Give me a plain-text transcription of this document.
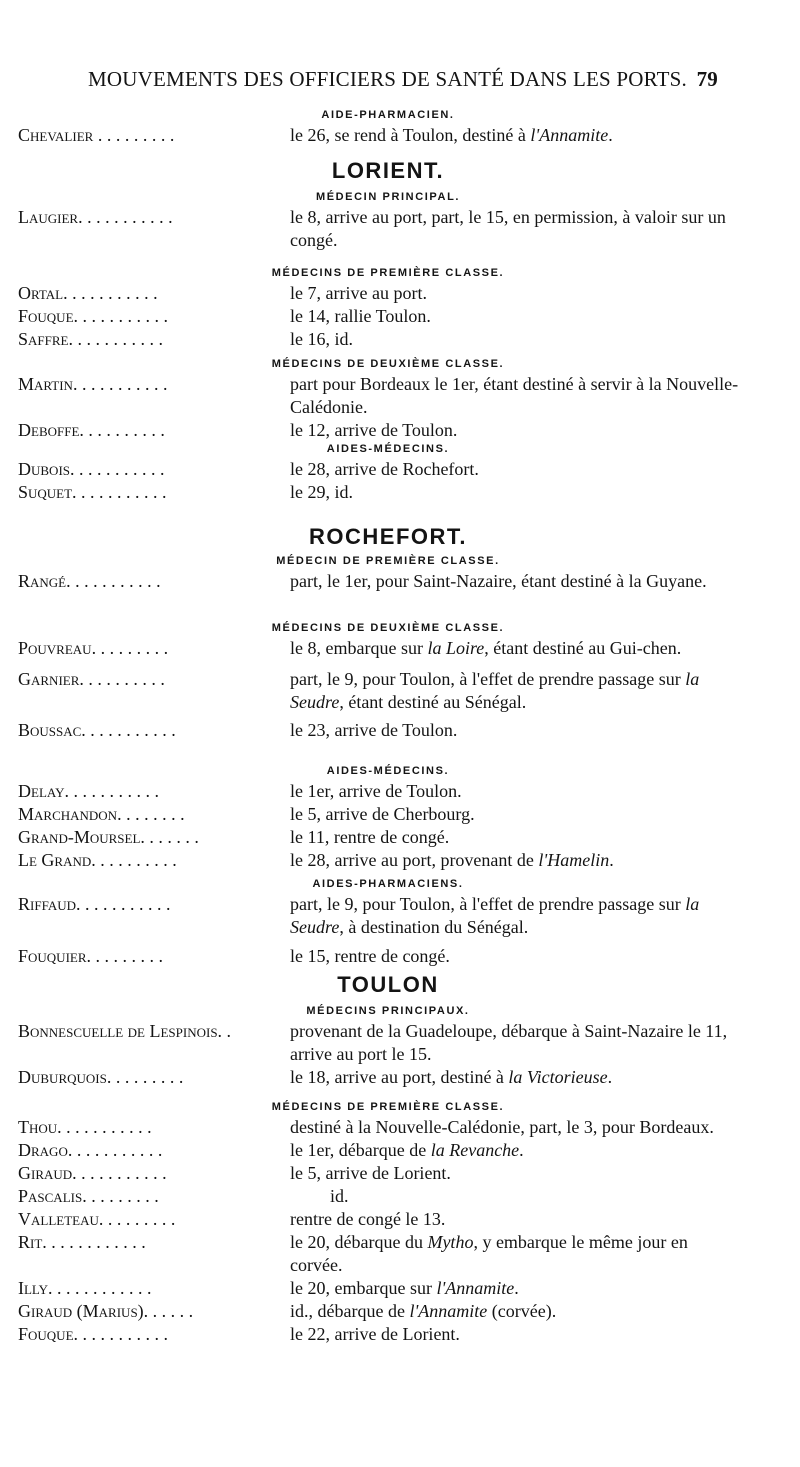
MOUVEMENTS DES OFFICIERS DE SANTÉ DANS LES PORTS. 79
AIDE-PHARMACIEN.
Chevalier . . . . . . . . .	le 26, se rend à Toulon, destiné à l'Annamite.
LORIENT.
MÉDECIN PRINCIPAL.
Laugier. . . . . . . . . . .	le 8, arrive au port, part, le 15, en permission, à valoir sur un congé.
MÉDECINS DE PREMIÈRE CLASSE.
Ortal. . . . . . . . . . .	le 7, arrive au port.
Fouque. . . . . . . . . . .	le 14, rallie Toulon.
Saffre. . . . . . . . . . .	le 16, id.
MÉDECINS DE DEUXIÈME CLASSE.
Martin. . . . . . . . . . .	part pour Bordeaux le 1er, étant destiné à servir à la Nouvelle-Calédonie.
Deboffe. . . . . . . . . .	le 12, arrive de Toulon.
AIDES-MÉDECINS.
Dubois. . . . . . . . . . .	le 28, arrive de Rochefort.
Suquet. . . . . . . . . . .	le 29, id.
ROCHEFORT.
MÉDECIN DE PREMIÈRE CLASSE.
Rangé. . . . . . . . . . .	part, le 1er, pour Saint-Nazaire, étant destiné à la Guyane.
MÉDECINS DE DEUXIÈME CLASSE.
Pouvreau. . . . . . . . .	le 8, embarque sur la Loire, étant destiné au Gui-chen.
Garnier. . . . . . . . . .	part, le 9, pour Toulon, à l'effet de prendre passage sur la Seudre, étant destiné au Sénégal.
Boussac. . . . . . . . . . .	le 23, arrive de Toulon.
AIDES-MÉDECINS.
Delay. . . . . . . . . . .	le 1er, arrive de Toulon.
Marchandon. . . . . . . .	le 5, arrive de Cherbourg.
Grand-Moursel. . . . . . .	le 11, rentre de congé.
Le Grand. . . . . . . . . .	le 28, arrive au port, provenant de l'Hamelin.
AIDES-PHARMACIENS.
Riffaud. . . . . . . . . . .	part, le 9, pour Toulon, à l'effet de prendre passage sur la Seudre, à destination du Sénégal.
Fouquier. . . . . . . . .	le 15, rentre de congé.
TOULON
MÉDECINS PRINCIPAUX.
Bonnescuelle de Lespinois. .	provenant de la Guadeloupe, débarque à Saint-Nazaire le 11, arrive au port le 15.
Duburquois. . . . . . . . .	le 18, arrive au port, destiné à la Victorieuse.
MÉDECINS DE PREMIÈRE CLASSE.
Thou. . . . . . . . . . .	destiné à la Nouvelle-Calédonie, part, le 3, pour Bordeaux.
Drago. . . . . . . . . . .	le 1er, débarque de la Revanche.
Giraud. . . . . . . . . . .	le 5, arrive de Lorient.
Pascalis. . . . . . . . .	id.
Valleteau. . . . . . . . .	rentre de congé le 13.
Rit. . . . . . . . . . . .	le 20, débarque du Mytho, y embarque le même jour en corvée.
Illy. . . . . . . . . . . .	le 20, embarque sur l'Annamite.
Giraud (Marius). . . . . .	id., débarque de l'Annamite (corvée).
Fouque. . . . . . . . . . .	le 22, arrive de Lorient.
